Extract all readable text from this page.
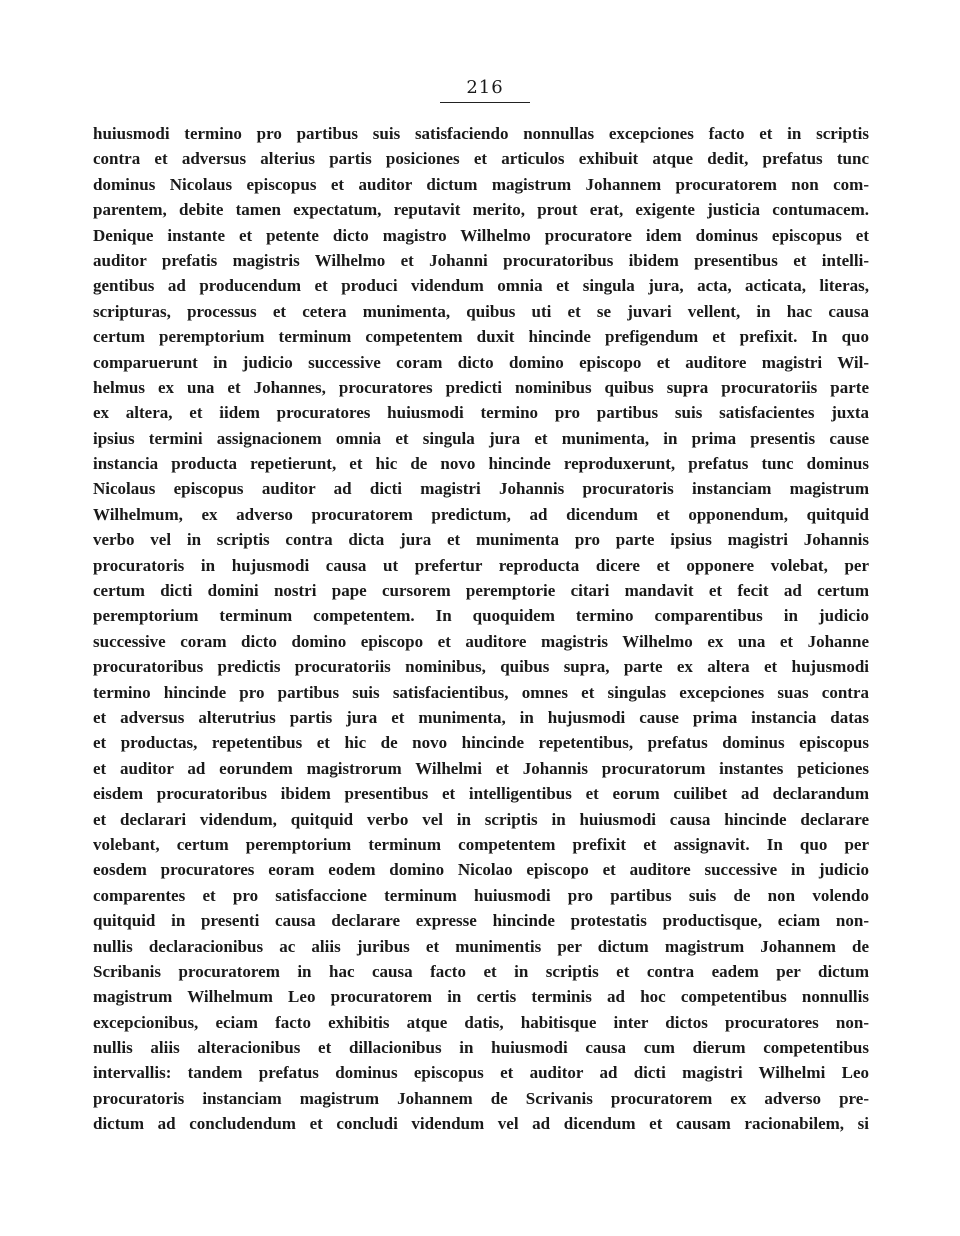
216
huiusmodi termino pro partibus suis satisfaciendo nonnullas excepciones facto et in scriptis
contra et adversus alterius partis posiciones et articulos exhibuit atque dedit, prefatus tunc
dominus Nicolaus episcopus et auditor dictum magistrum Johannem procuratorem non com-
parentem, debite tamen expectatum, reputavit merito, prout erat, exigente justicia contumacem.
Denique instante et petente dicto magistro Wilhelmo procuratore idem dominus episcopus et
auditor prefatis magistris Wilhelmo et Johanni procuratoribus ibidem presentibus et intelli-
gentibus ad producendum et produci videndum omnia et singula jura, acta, acticata, literas,
scripturas, processus et cetera munimenta, quibus uti et se juvari vellent, in hac causa
certum peremptorium terminum competentem duxit hincinde prefigendum et prefixit. In quo
comparuerunt in judicio successive coram dicto domino episcopo et auditore magistri Wil-
helmus ex una et Johannes, procuratores predicti nominibus quibus supra procuratoriis parte
ex altera, et iidem procuratores huiusmodi termino pro partibus suis satisfacientes juxta
ipsius termini assignacionem omnia et singula jura et munimenta, in prima presentis cause
instancia producta repetierunt, et hic de novo hincinde reproduxerunt, prefatus tunc dominus
Nicolaus episcopus auditor ad dicti magistri Johannis procuratoris instanciam magistrum
Wilhelmum, ex adverso procuratorem predictum, ad dicendum et opponendum, quitquid
verbo vel in scriptis contra dicta jura et munimenta pro parte ipsius magistri Johannis
procuratoris in hujusmodi causa ut prefertur reproducta dicere et opponere volebat, per
certum dicti domini nostri pape cursorem peremptorie citari mandavit et fecit ad certum
peremptorium terminum competentem. In quoquidem termino comparentibus in judicio
successive coram dicto domino episcopo et auditore magistris Wilhelmo ex una et Johanne
procuratoribus predictis procuratoriis nominibus, quibus supra, parte ex altera et hujusmodi
termino hincinde pro partibus suis satisfacientibus, omnes et singulas excepciones suas contra
et adversus alterutrius partis jura et munimenta, in hujusmodi cause prima instancia datas
et productas, repetentibus et hic de novo hincinde repetentibus, prefatus dominus episcopus
et auditor ad eorundem magistrorum Wilhelmi et Johannis procuratorum instantes peticiones
eisdem procuratoribus ibidem presentibus et intelligentibus et eorum cuilibet ad declarandum
et declarari videndum, quitquid verbo vel in scriptis in huiusmodi causa hincinde declarare
volebant, certum peremptorium terminum competentem prefixit et assignavit. In quo per
eosdem procuratores eoram eodem domino Nicolao episcopo et auditore successive in judicio
comparentes et pro satisfaccione terminum huiusmodi pro partibus suis de non volendo
quitquid in presenti causa declarare expresse hincinde protestatis productisque, eciam non-
nullis declaracionibus ac aliis juribus et munimentis per dictum magistrum Johannem de
Scribanis procuratorem in hac causa facto et in scriptis et contra eadem per dictum
magistrum Wilhelmum Leo procuratorem in certis terminis ad hoc competentibus nonnullis
excepcionibus, eciam facto exhibitis atque datis, habitisque inter dictos procuratores non-
nullis aliis alteracionibus et dillacionibus in huiusmodi causa cum dierum competentibus
intervallis: tandem prefatus dominus episcopus et auditor ad dicti magistri Wilhelmi Leo
procuratoris instanciam magistrum Johannem de Scrivanis procuratorem ex adverso pre-
dictum ad concludendum et concludi videndum vel ad dicendum et causam racionabilem, si
